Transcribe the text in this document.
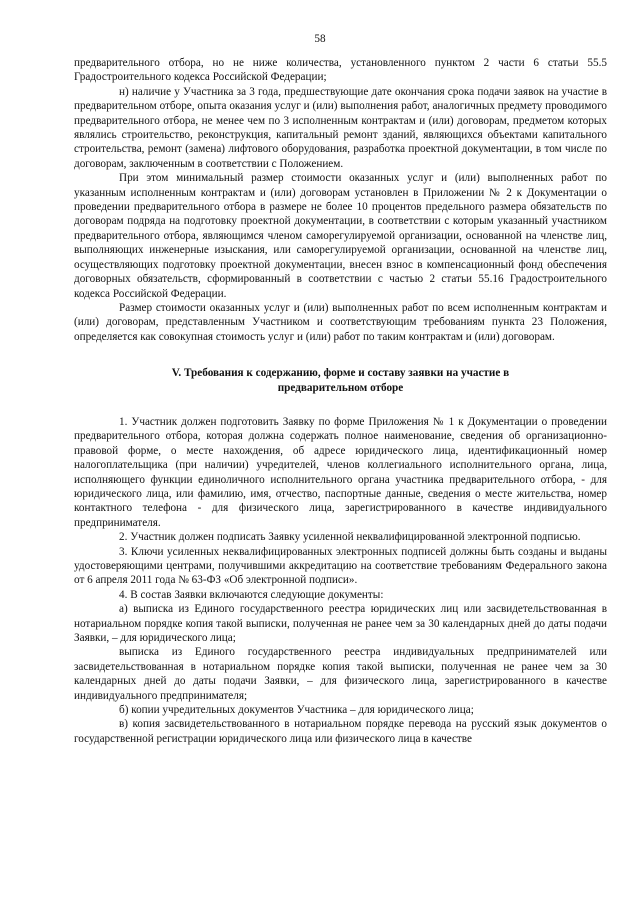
58

предварительного отбора, но не ниже количества, установленного пунктом 2 части 6 статьи 55.5 Градостроительного кодекса Российской Федерации;

н) наличие у Участника за 3 года, предшествующие дате окончания срока подачи заявок на участие в предварительном отборе, опыта оказания услуг и (или) выполнения работ, аналогичных предмету проводимого предварительного отбора, не менее чем по 3 исполненным контрактам и (или) договорам, предметом которых являлись строительство, реконструкция, капитальный ремонт зданий, являющихся объектами капитального строительства, ремонт (замена) лифтового оборудования, разработка проектной документации, в том числе по договорам, заключенным в соответствии с Положением.

При этом минимальный размер стоимости оказанных услуг и (или) выполненных работ по указанным исполненным контрактам и (или) договорам установлен в Приложении № 2 к Документации о проведении предварительного отбора в размере не более 10 процентов предельного размера обязательств по договорам подряда на подготовку проектной документации, в соответствии с которым указанный участником предварительного отбора, являющимся членом саморегулируемой организации, основанной на членстве лиц, выполняющих инженерные изыскания, или саморегулируемой организации, основанной на членстве лиц, осуществляющих подготовку проектной документации, внесен взнос в компенсационный фонд обеспечения договорных обязательств, сформированный в соответствии с частью 2 статьи 55.16 Градостроительного кодекса Российской Федерации.

Размер стоимости оказанных услуг и (или) выполненных работ по всем исполненным контрактам и (или) договорам, представленным Участником и соответствующим требованиям пункта 23 Положения, определяется как совокупная стоимость услуг и (или) работ по таким контрактам и (или) договорам.

V. Требования к содержанию, форме и составу заявки на участие в
предварительном отборе

1. Участник должен подготовить Заявку по форме Приложения № 1 к Документации о проведении предварительного отбора, которая должна содержать полное наименование, сведения об организационно-правовой форме, о месте нахождения, об адресе юридического лица, идентификационный номер налогоплательщика (при наличии) учредителей, членов коллегиального исполнительного органа, лица, исполняющего функции единоличного исполнительного органа участника предварительного отбора, - для юридического лица, или фамилию, имя, отчество, паспортные данные, сведения о месте жительства, номер контактного телефона - для физического лица, зарегистрированного в качестве индивидуального предпринимателя.

2. Участник должен подписать Заявку усиленной неквалифицированной электронной подписью.

3. Ключи усиленных неквалифицированных электронных подписей должны быть созданы и выданы удостоверяющими центрами, получившими аккредитацию на соответствие требованиям Федерального закона от 6 апреля 2011 года № 63-ФЗ «Об электронной подписи».

4. В состав Заявки включаются следующие документы:

а) выписка из Единого государственного реестра юридических лиц или засвидетельствованная в нотариальном порядке копия такой выписки, полученная не ранее чем за 30 календарных дней до даты подачи Заявки, – для юридического лица;

выписка из Единого государственного реестра индивидуальных предпринимателей или засвидетельствованная в нотариальном порядке копия такой выписки, полученная не ранее чем за 30 календарных дней до даты подачи Заявки, – для физического лица, зарегистрированного в качестве индивидуального предпринимателя;

б) копии учредительных документов Участника – для юридического лица;

в) копия засвидетельствованного в нотариальном порядке перевода на русский язык документов о государственной регистрации юридического лица или физического лица в качестве
